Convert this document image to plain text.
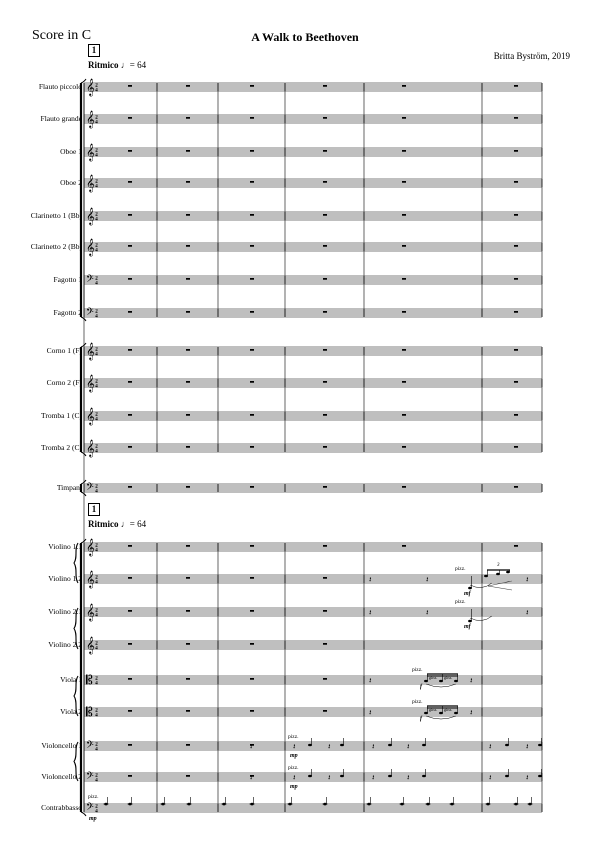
Score in C	A Walk to Beethoven
Britta Byström, 2019
1
Ritmico ♩= 64
1
Ritmico ♩= 64
Flauto piccolo
Flauto grande
Oboe 1
Oboe 2
Clarinetto 1 (Bb)
Clarinetto 2 (Bb)
Fagotto 1
Fagotto 2
Corno 1 (F)
Corno 2 (F)
Tromba 1 (C)
Tromba 2 (C)
Timpani
Violino 1.1
Violino 1.2
Violino 2.1
Violino 2.2
Viola 1
Viola 2
Violoncello 1
Violoncello 2
Contrabbasso
𝄞 2
4
𝄞 2
4
𝄞 2
4
𝄞 2
4
𝄞 2
4
𝄞 2
4
𝄢 2
4
𝄢 2
4
𝄞 2
4
𝄞 2
4
𝄞 2
4
𝄞 2
4
𝄢 2
4
𝄞 2
4
𝄞 2
4
𝄞 2
4
𝄞 2
4
𝄡 2
4
𝄡 2
4
𝄢 2
4
𝄢 2
4
𝄢 2
4
𝄽	𝄽
pizz.
mf
𝄽	𝄽
pizz.
mf
3
𝄽
𝄽
𝄽
pizz.
gliss. gliss.
f
𝄽
𝄽
pizz.
gliss. gliss.
f
𝄽
pizz.
mp
𝄽	𝄽	𝄽	𝄽	𝄽	𝄽
𝄽
pizz.
mp
𝄽	𝄽	𝄽	𝄽	𝄽	𝄽
𝄽
pizz.
mp
